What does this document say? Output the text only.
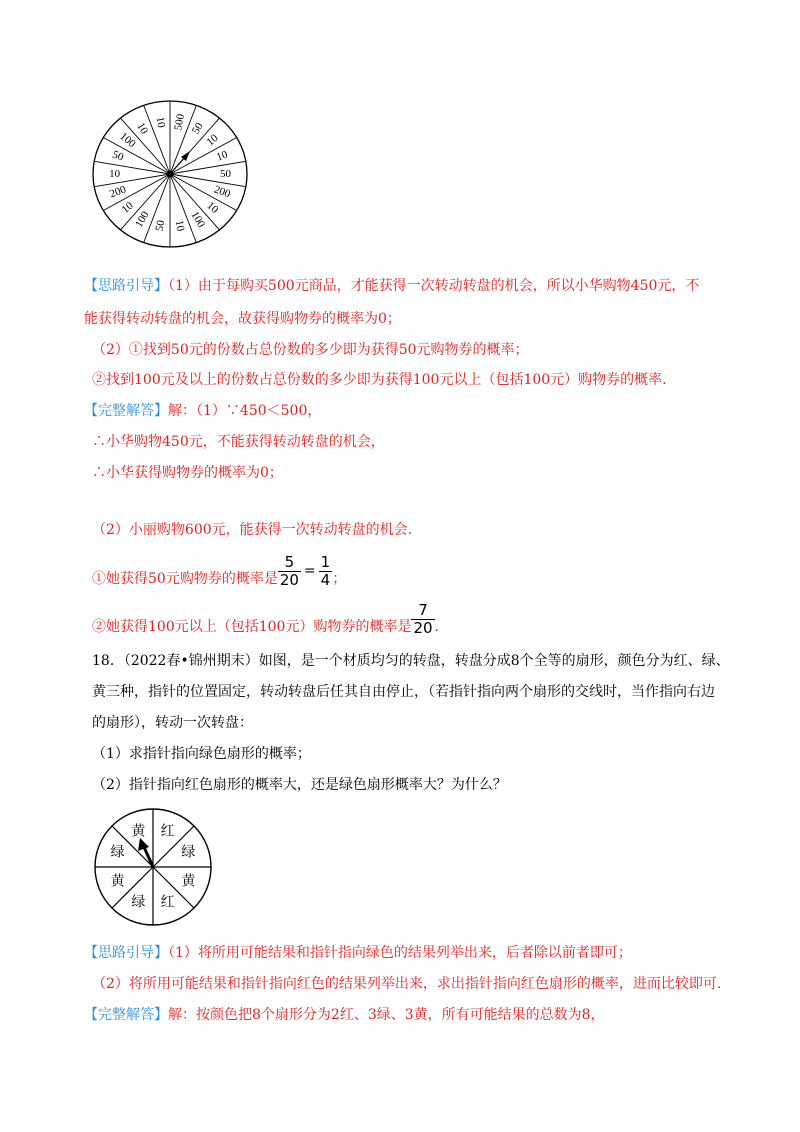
500 50
10
10
50
200
10
100
10
50
100
10
200
10
50
100
10 10
【思路引导】（1）由于每购买500元商品，才能获得一次转动转盘的机会，所以小华购物450元，不
能获得转动转盘的机会，故获得购物券的概率为0；
（2）①找到50元的份数占总份数的多少即为获得50元购物券的概率；
②找到100元及以上的份数占总份数的多少即为获得100元以上（包括100元）购物券的概率.
【完整解答】解：（1）∵450＜500，
∴小华购物450元，不能获得转动转盘的机会，
∴小华获得购物券的概率为0；
（2）小丽购物600元，能获得一次转动转盘的机会.
①她获得50元购物券的概率是 $\frac{5}{20} = \frac{1}{4}$ ；
②她获得100元以上（包括100元）购物券的概率是 $\frac{7}{20}$ .
18．（2022春•锦州期末）如图，是一个材质均匀的转盘，转盘分成8个全等的扇形，颜色分为红、绿、
黄三种，指针的位置固定，转动转盘后任其自由停止，（若指针指向两个扇形的交线时，当作指向右边
的扇形），转动一次转盘：
（1）求指针指向绿色扇形的概率；
（2）指针指向红色扇形的概率大，还是绿色扇形概率大？为什么？
红
绿
黄
红
绿
黄
绿
黄
【思路引导】（1）将所用可能结果和指针指向绿色的结果列举出来，后者除以前者即可；
（2）将所用可能结果和指针指向红色的结果列举出来，求出指针指向红色扇形的概率，进而比较即可.
【完整解答】解：按颜色把8个扇形分为2红、3绿、3黄，所有可能结果的总数为8，
